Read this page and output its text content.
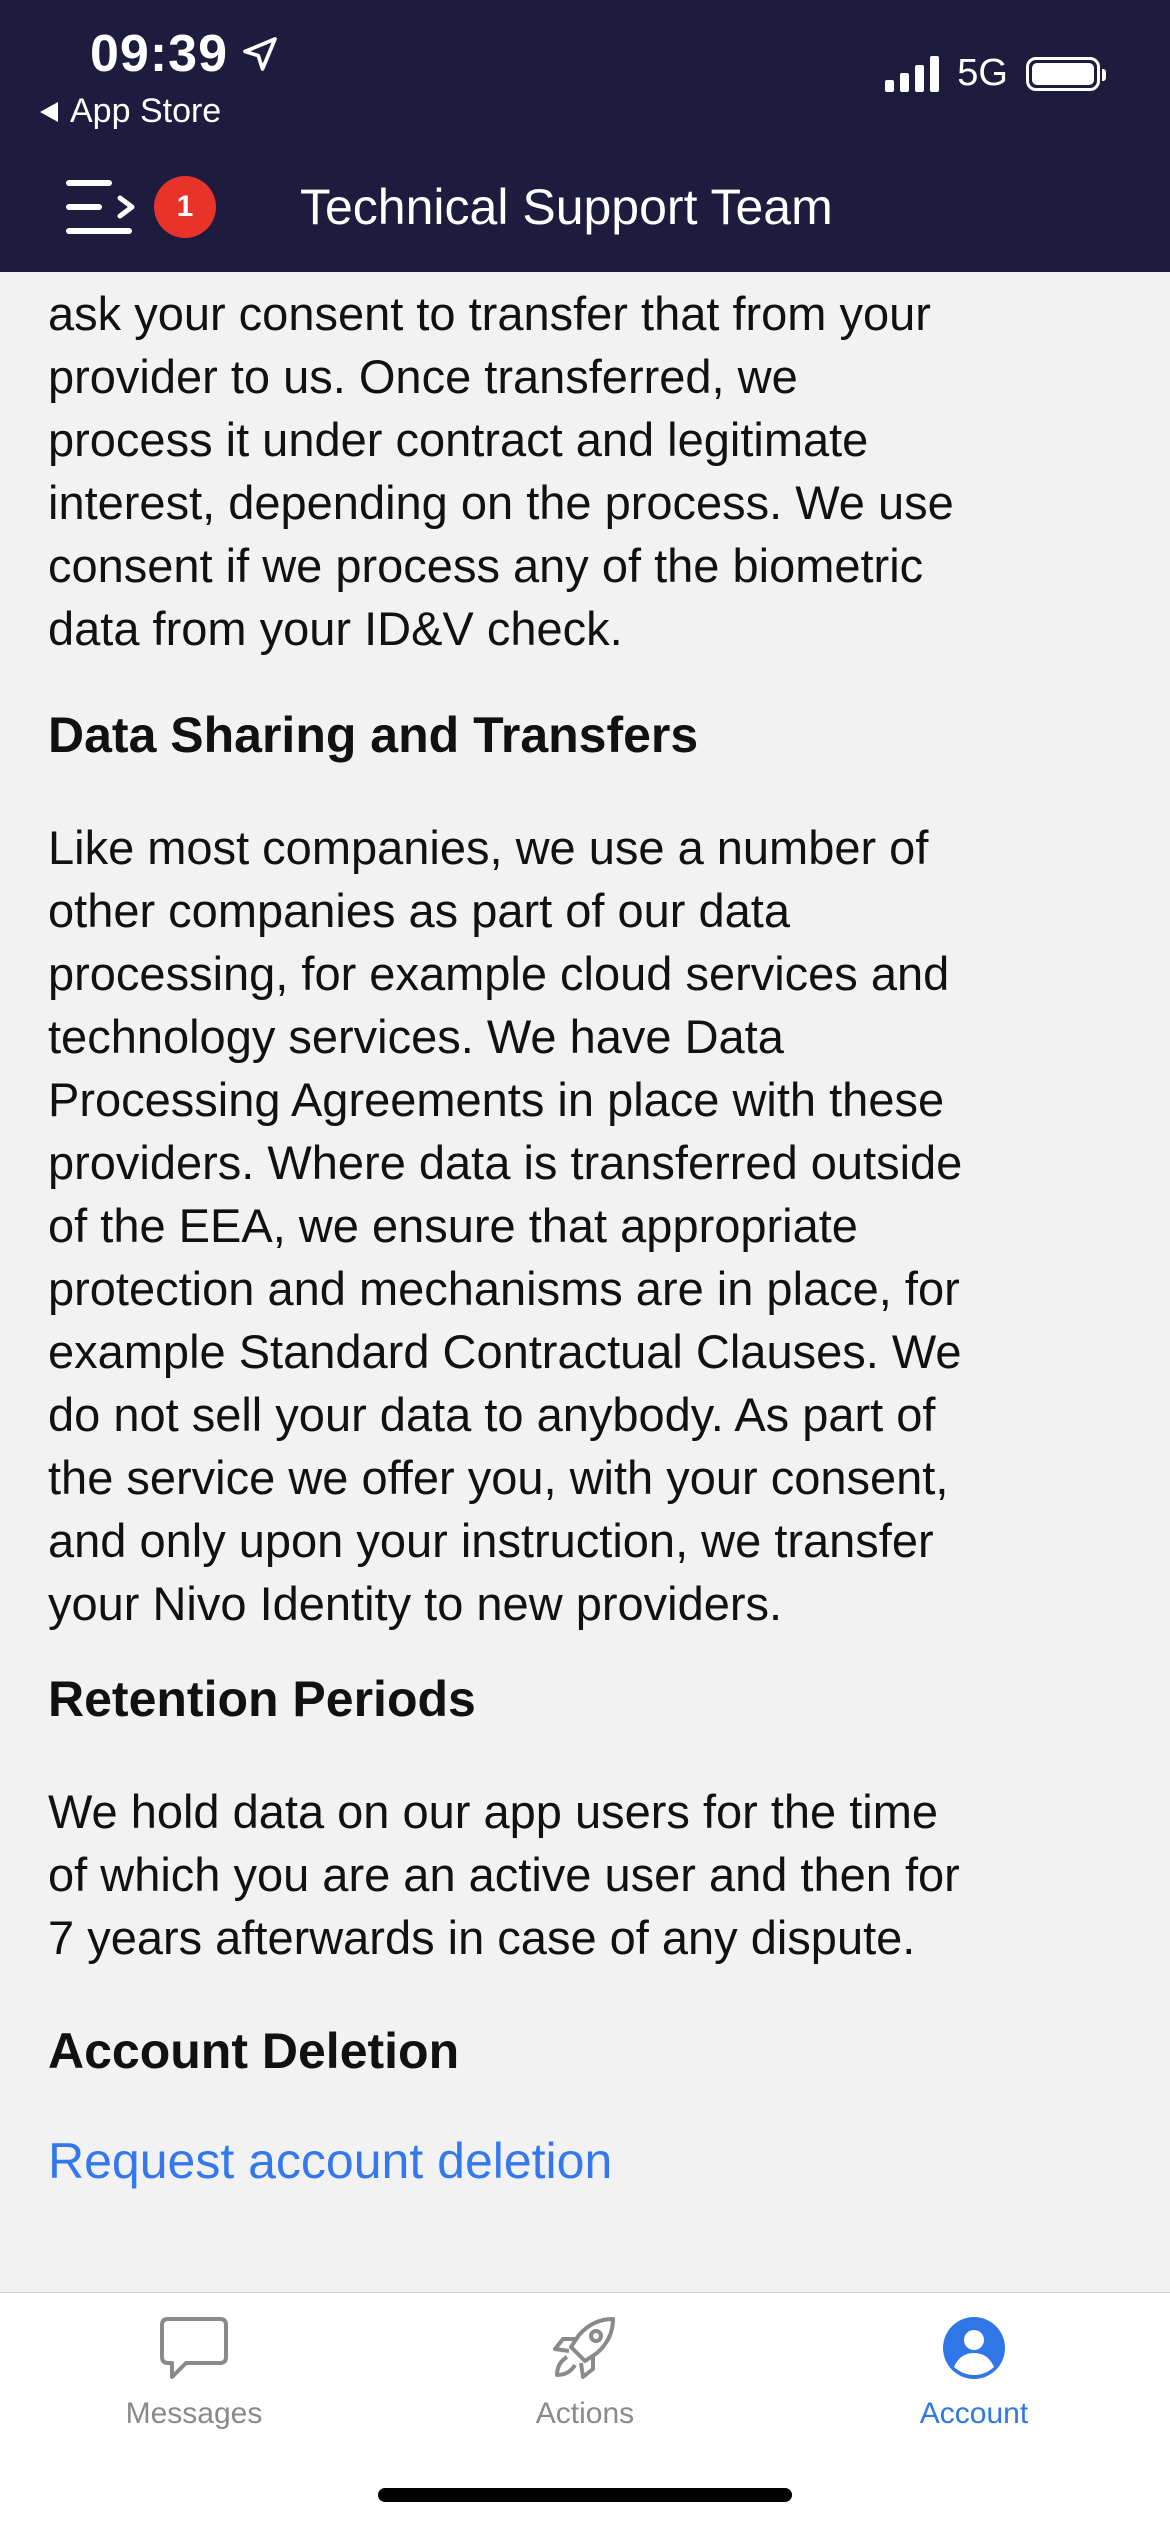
09:39
App Store
5G
1	Technical Support Team

ask your consent to transfer that from your

provider to us. Once transferred, we

process it under contract and legitimate

interest, depending on the process. We use

consent if we process any of the biometric

data from your ID&V check.

Data Sharing and Transfers

Like most companies, we use a number of

other companies as part of our data

processing, for example cloud services and

technology services. We have Data

Processing Agreements in place with these

providers. Where data is transferred outside

of the EEA, we ensure that appropriate

protection and mechanisms are in place, for

example Standard Contractual Clauses. We

do not sell your data to anybody. As part of

the service we offer you, with your consent,

and only upon your instruction, we transfer

your Nivo Identity to new providers.

Retention Periods

We hold data on our app users for the time

of which you are an active user and then for

7 years afterwards in case of any dispute.

Account Deletion
Request account deletion
Messages	Actions	Account
